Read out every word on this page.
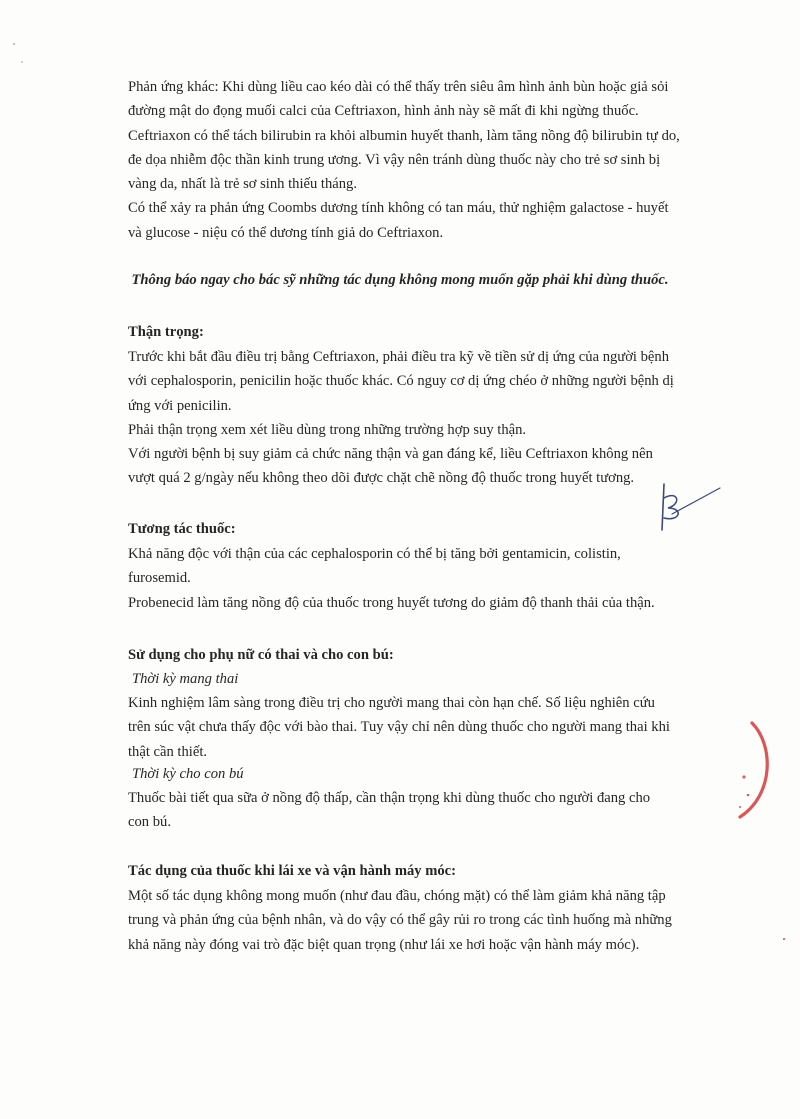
Phản ứng khác: Khi dùng liều cao kéo dài có thể thấy trên siêu âm hình ảnh bùn hoặc giả sỏi
đường mật do đọng muối calci của Ceftriaxon, hình ảnh này sẽ mất đi khi ngừng thuốc.
Ceftriaxon có thể tách bilirubin ra khỏi albumin huyết thanh, làm tăng nồng độ bilirubin tự do,
đe dọa nhiễm độc thần kinh trung ương. Vì vậy nên tránh dùng thuốc này cho trẻ sơ sinh bị
vàng da, nhất là trẻ sơ sinh thiếu tháng.
Có thể xảy ra phản ứng Coombs dương tính không có tan máu, thử nghiệm galactose - huyết
và glucose - niệu có thể dương tính giả do Ceftriaxon.

Thông báo ngay cho bác sỹ những tác dụng không mong muốn gặp phải khi dùng thuốc.

Thận trọng:

Trước khi bắt đầu điều trị bằng Ceftriaxon, phải điều tra kỹ về tiền sử dị ứng của người bệnh
với cephalosporin, penicilin hoặc thuốc khác. Có nguy cơ dị ứng chéo ở những người bệnh dị
ứng với penicilin.
Phải thận trọng xem xét liều dùng trong những trường hợp suy thận.
Với người bệnh bị suy giảm cả chức năng thận và gan đáng kể, liều Ceftriaxon không nên
vượt quá 2 g/ngày nếu không theo dõi được chặt chẽ nồng độ thuốc trong huyết tương.

Tương tác thuốc:

Khả năng độc với thận của các cephalosporin có thể bị tăng bởi gentamicin, colistin,
furosemid.
Probenecid làm tăng nồng độ của thuốc trong huyết tương do giảm độ thanh thải của thận.

Sử dụng cho phụ nữ có thai và cho con bú:

Thời kỳ mang thai

Kinh nghiệm lâm sàng trong điều trị cho người mang thai còn hạn chế. Số liệu nghiên cứu
trên súc vật chưa thấy độc với bào thai. Tuy vậy chỉ nên dùng thuốc cho người mang thai khi
thật cần thiết.

Thời kỳ cho con bú

Thuốc bài tiết qua sữa ở nồng độ thấp, cần thận trọng khi dùng thuốc cho người đang cho
con bú.

Tác dụng của thuốc khi lái xe và vận hành máy móc:

Một số tác dụng không mong muốn (như đau đầu, chóng mặt) có thể làm giảm khả năng tập
trung và phản ứng của bệnh nhân, và do vậy có thể gây rủi ro trong các tình huống mà những
khả năng này đóng vai trò đặc biệt quan trọng (như lái xe hơi hoặc vận hành máy móc).
